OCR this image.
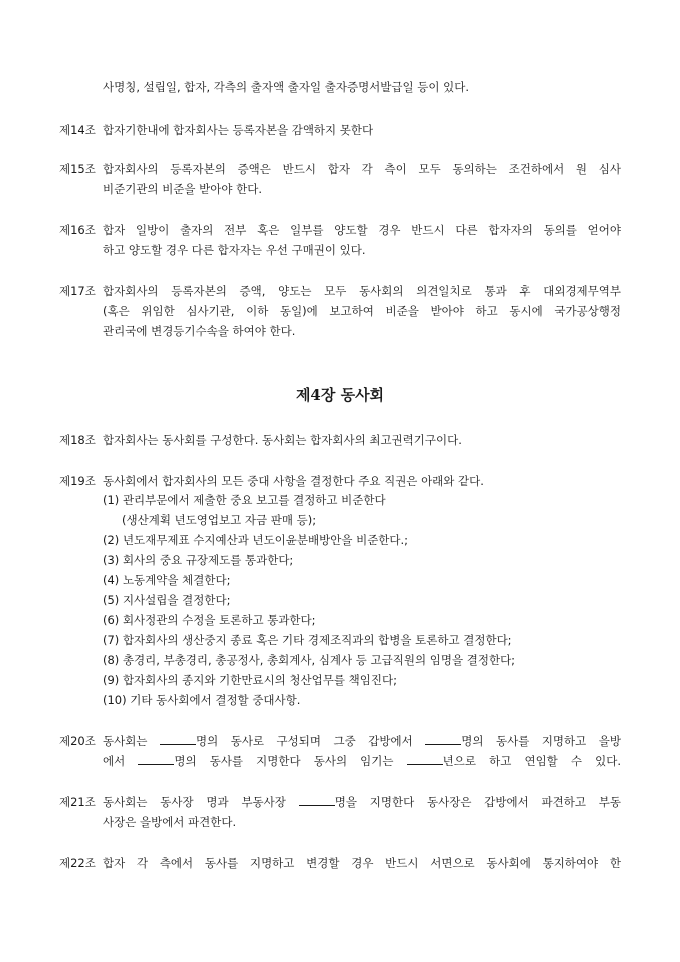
사명칭, 설립일, 합자, 각측의 출자액 출자일 출자증명서발급일 등이 있다.
제14조 합자기한내에 합자회사는 등록자본을 감액하지 못한다
제15조 합자회사의 등록자본의 증액은 반드시 합자 각 측이 모두 동의하는 조건하에서 원 심사
비준기관의 비준을 받아야 한다.
제16조 합자 일방이 출자의 전부 혹은 일부를 양도할 경우 반드시 다른 합자자의 동의를 얻어야
하고 양도할 경우 다른 합자자는 우선 구매권이 있다.
제17조 합자회사의 등록자본의 증액, 양도는 모두 동사회의 의견일치로 통과 후 대외경제무역부
(혹은 위임한 심사기관, 이하 동일)에 보고하여 비준을 받아야 하고 동시에 국가공상행정
관리국에 변경등기수속을 하여야 한다.
제4장 동사회
제18조 합자회사는 동사회를 구성한다. 동사회는 합자회사의 최고권력기구이다.
제19조 동사회에서 합자회사의 모든 중대 사항을 결정한다 주요 직권은 아래와 같다.
(1) 관리부문에서 제출한 중요 보고를 결정하고 비준한다
(생산계획 년도영업보고 자금 판매 등);
(2) 년도재무제표 수지예산과 년도이윤분배방안을 비준한다.;
(3) 회사의 중요 규장제도를 통과한다;
(4) 노동계약을 체결한다;
(5) 지사설립을 결정한다;
(6) 회사정관의 수정을 토론하고 통과한다;
(7) 합자회사의 생산중지 종료 혹은 기타 경제조직과의 합병을 토론하고 결정한다;
(8) 총경리, 부총경리, 총공정사, 총회계사, 심계사 등 고급직원의 임명을 결정한다;
(9) 합자회사의 종지와 기한만료시의 청산업무를 책임진다;
(10) 기타 동사회에서 결정할 중대사항.
제20조 동사회는	명의 동사로 구성되며 그중 갑방에서	명의 동사를 지명하고 을방
에서	명의 동사를 지명한다 동사의 임기는	년으로 하고 연임할 수 있다.
제21조 동사회는 동사장 명과 부동사장	명을 지명한다 동사장은 갑방에서 파견하고 부동
사장은 을방에서 파견한다.
제22조 합자 각 측에서 동사를 지명하고 변경할 경우 반드시 서면으로 동사회에 통지하여야 한
